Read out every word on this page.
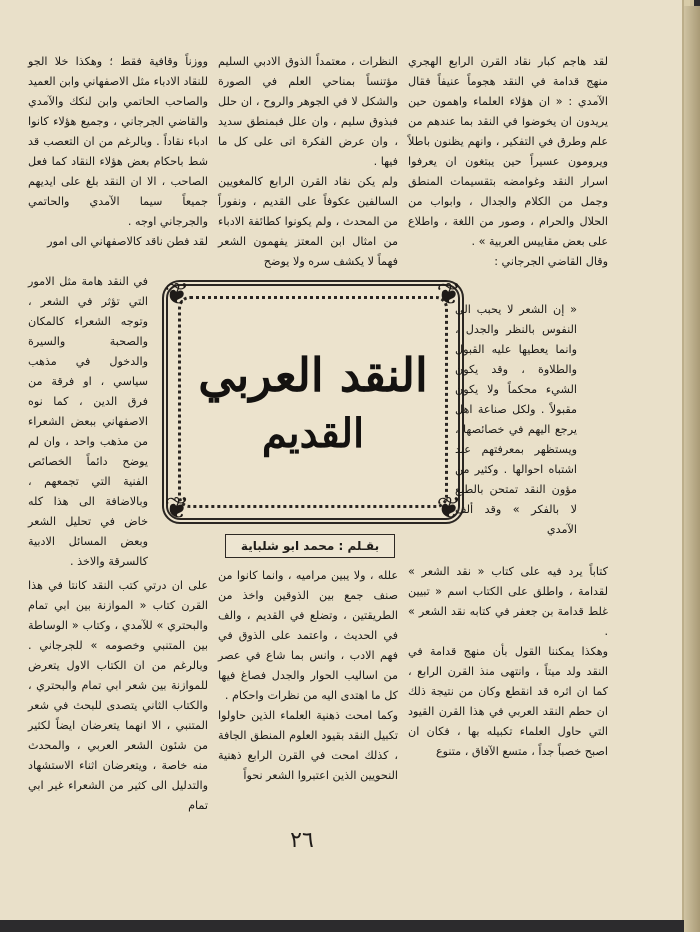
لقد هاجم كبار نقاد القرن الرابع الهجري منهج قدامة في النقد هجوماً عنيفاً فقال الآمدي : « ان هؤلاء العلماء واهمون حين يريدون ان يخوضوا في النقد بما عندهم من علم وطرق في التفكير ، وانهم يظنون باطلاً ويرومون عسيراً حين يبتغون ان يعرفوا اسرار النقد وغوامضه بتقسيمات المنطق وجمل من الكلام والجدال ، وابواب من الحلال والحرام ، وصور من اللغة ، واطلاع على بعض مقاييس العربية » .

وقال القاضي الجرجاني :

النظرات ، معتمداً الذوق الادبي السليم مؤتنساً بمناحي العلم في الصورة والشكل لا في الجوهر والروح ، ان حلل فبذوق سليم ، وان علل فبمنطق سديد ، وان عرض الفكرة اتى على كل ما فيها .

ولم يكن نقاد القرن الرابع كالمغويين السالفين عكوفاً على القديم ، ونفوراً من المحدث ، ولم يكونوا كطائفة الادباء من امثال ابن المعتز يفهمون الشعر فهماً لا يكشف سره ولا يوضح

ووزناً وقافية فقط ؛ وهكذا خلا الجو للنقاد الادباء مثل الاصفهاني وابن العميد والصاحب الحاتمي وابن لنكك والآمدي والقاضي الجرجاني ، وجميع هؤلاء كانوا ادباء نقاداً . وبالرغم من ان التعصب قد شط باحكام بعض هؤلاء النقاد كما فعل الصاحب ، الا ان النقد بلغ على ايديهم جميعاً سيما الآمدي والحاتمي والجرجاني اوجه .

لقد فطن ناقد كالاصفهاني الى امور

في النقد هامة مثل الامور التي تؤثر في الشعر ، وتوجه الشعراء كالمكان والصحبة والسيرة والدخول في مذهب سياسي ، او فرقة من فرق الدين ، كما نوه الاصفهاني ببعض الشعراء من مذهب واحد ، وان لم يوضح دائماً الخصائص الفنية التي تجمعهم ، وبالاضافة الى هذا كله خاض في تحليل الشعر وبعض المسائل الادبية كالسرقة والاخذ .

❦	❦
❦	❦
النقد العربي
القديم

« إن الشعر لا يحبب الى النفوس بالنظر والجدل ، وانما يعطيها عليه القبول والطلاوة ، وقد يكون الشيء محكماً ولا يكون مقبولاً . ولكل صناعة اهل يرجع اليهم في خصائصها ، ويستظهر بمعرفتهم عند اشتباه احوالها . وكثير من مؤون النقد تمتحن بالطبع لا بالفكر » وقد ألف الآمدي

بقـلم : محمد ابو شلباية

علله ، ولا يبين مراميه ، وانما كانوا من صنف جمع بين الذوقين واخذ من الطريقتين ، وتضلع في القديم ، والف في الحديث ، واعتمد على الذوق في فهم الادب ، وانس بما شاع في عصر من اساليب الحوار والجدل فصاغ فيها كل ما اهتدى اليه من نظرات واحكام .

وكما امحت ذهنية العلماء الذين حاولوا تكبيل النقد بقيود العلوم المنطق الجافة ، كذلك امحت في القرن الرابع ذهنية النحويين الذين اعتبروا الشعر نحواً

على ان درتي كتب النقد كانتا في هذا القرن كتاب « الموازنة بين ابي تمام والبحتري » للآمدي ، وكتاب « الوساطة بين المتنبي وخصومه » للجرجاني . وبالرغم من ان الكتاب الاول يتعرض للموازنة بين شعر ابي تمام والبحتري ، والكتاب الثاني يتصدى للبحث في شعر المتنبي ، الا انهما يتعرضان ايضاً لكثير من شئون الشعر العربي ، والمحدث منه خاصة ، ويتعرضان اثناء الاستشهاد والتدليل الى كثير من الشعراء غير ابي تمام

كتاباً يرد فيه على كتاب « نقد الشعر » لقدامة ، واطلق على الكتاب اسم « تبيين غلط قدامة بن جعفر في كتابه نقد الشعر » .

وهكذا يمكننا القول بأن منهج قدامة في النقد ولد ميتاً ، وانتهى منذ القرن الرابع ، كما ان اثره قد انقطع وكان من نتيجة ذلك ان حطم النقد العربي في هذا القرن القيود التي حاول العلماء تكبيله بها ، فكان ان اصبح خصباً جداً ، متسع الآفاق ، متنوع

٢٦
